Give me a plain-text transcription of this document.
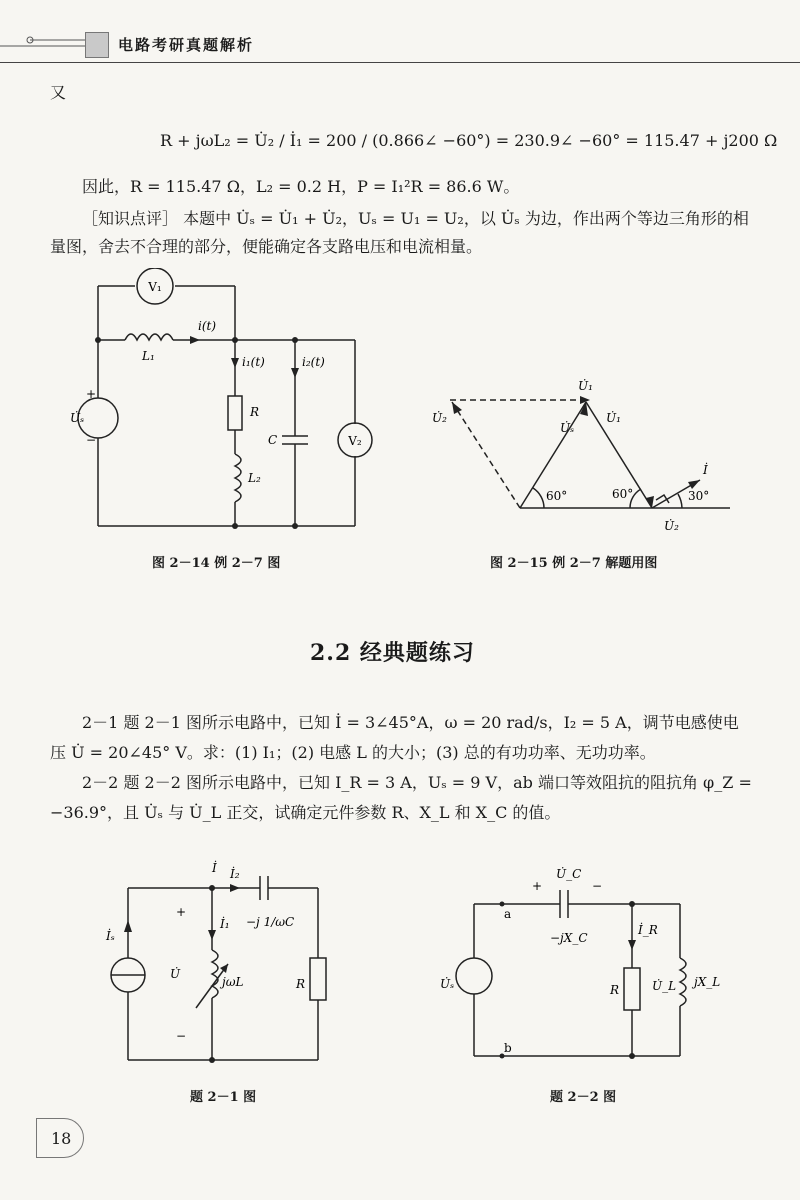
电路考研真题解析
又
R + jωL₂ = U̇₂ / İ₁ = 200 / (0.866∠ −60°) = 230.9∠ −60° = 115.47 + j200 Ω
因此，R = 115.47 Ω，L₂ = 0.2 H，P = I₁²R = 86.6 W。
［知识点评］ 本题中 U̇ₛ = U̇₁ + U̇₂，Uₛ = U₁ = U₂，以 U̇ₛ 为边，作出两个等边三角形的相
量图，舍去不合理的部分，便能确定各支路电压和电流相量。
V₁
V₂
i(t)
i₁(t)	i₂(t)
L₁
L₂
R
C
U̇ₛ
+
−
图 2－14 例 2－7 图
U̇₁
U̇₂	U̇₁
U̇ₛ
İ
U̇₂
60°	60°	30°
图 2－15 例 2－7 解题用图
2.2 经典题练习
2－1 题 2－1 图所示电路中，已知 İ = 3∠45°A，ω = 20 rad/s，I₂ = 5 A，调节电感使电
压 U̇ = 20∠45° V。求：(1) I₁；(2) 电感 L 的大小；(3) 总的有功功率、无功功率。
2－2 题 2－2 图所示电路中，已知 I_R = 3 A，Uₛ = 9 V，ab 端口等效阻抗的阻抗角 φ_Z =
−36.9°，且 U̇ₛ 与 U̇_L 正交，试确定元件参数 R、X_L 和 X_C 的值。
İ
İₛ
İ₁
İ₂
U̇
jωL
−j 1/ωC
R
+
−
题 2－1 图
U̇_C
−jX_C
İ_R
U̇_L jX_L
R
U̇ₛ
a
b
+	−
题 2－2 图
18
